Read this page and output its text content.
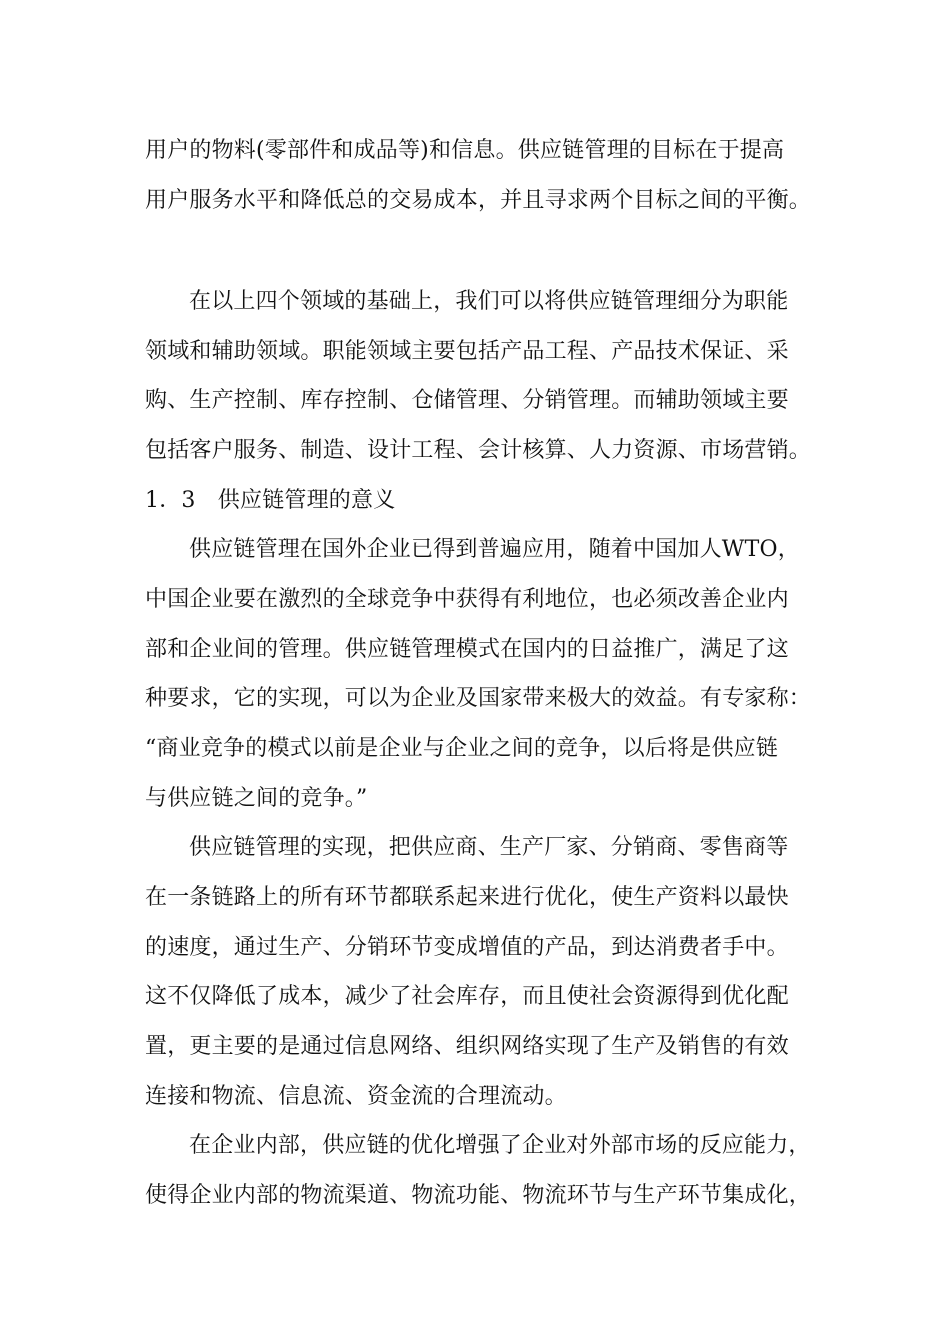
用户的物料(零部件和成品等)和信息。供应链管理的目标在于提高
用户服务水平和降低总的交易成本，并且寻求两个目标之间的平衡。
在以上四个领域的基础上，我们可以将供应链管理细分为职能
领域和辅助领域。职能领域主要包括产品工程、产品技术保证、采
购、生产控制、库存控制、仓储管理、分销管理。而辅助领域主要
包括客户服务、制造、设计工程、会计核算、人力资源、市场营销。
1．3　供应链管理的意义
供应链管理在国外企业已得到普遍应用，随着中国加人WTO，
中国企业要在激烈的全球竞争中获得有利地位，也必须改善企业内
部和企业间的管理。供应链管理模式在国内的日益推广，满足了这
种要求，它的实现，可以为企业及国家带来极大的效益。有专家称：
“商业竞争的模式以前是企业与企业之间的竞争，以后将是供应链
与供应链之间的竞争。”
供应链管理的实现，把供应商、生产厂家、分销商、零售商等
在一条链路上的所有环节都联系起来进行优化，使生产资料以最快
的速度，通过生产、分销环节变成增值的产品，到达消费者手中。
这不仅降低了成本，减少了社会库存，而且使社会资源得到优化配
置，更主要的是通过信息网络、组织网络实现了生产及销售的有效
连接和物流、信息流、资金流的合理流动。
在企业内部，供应链的优化增强了企业对外部市场的反应能力，
使得企业内部的物流渠道、物流功能、物流环节与生产环节集成化，
